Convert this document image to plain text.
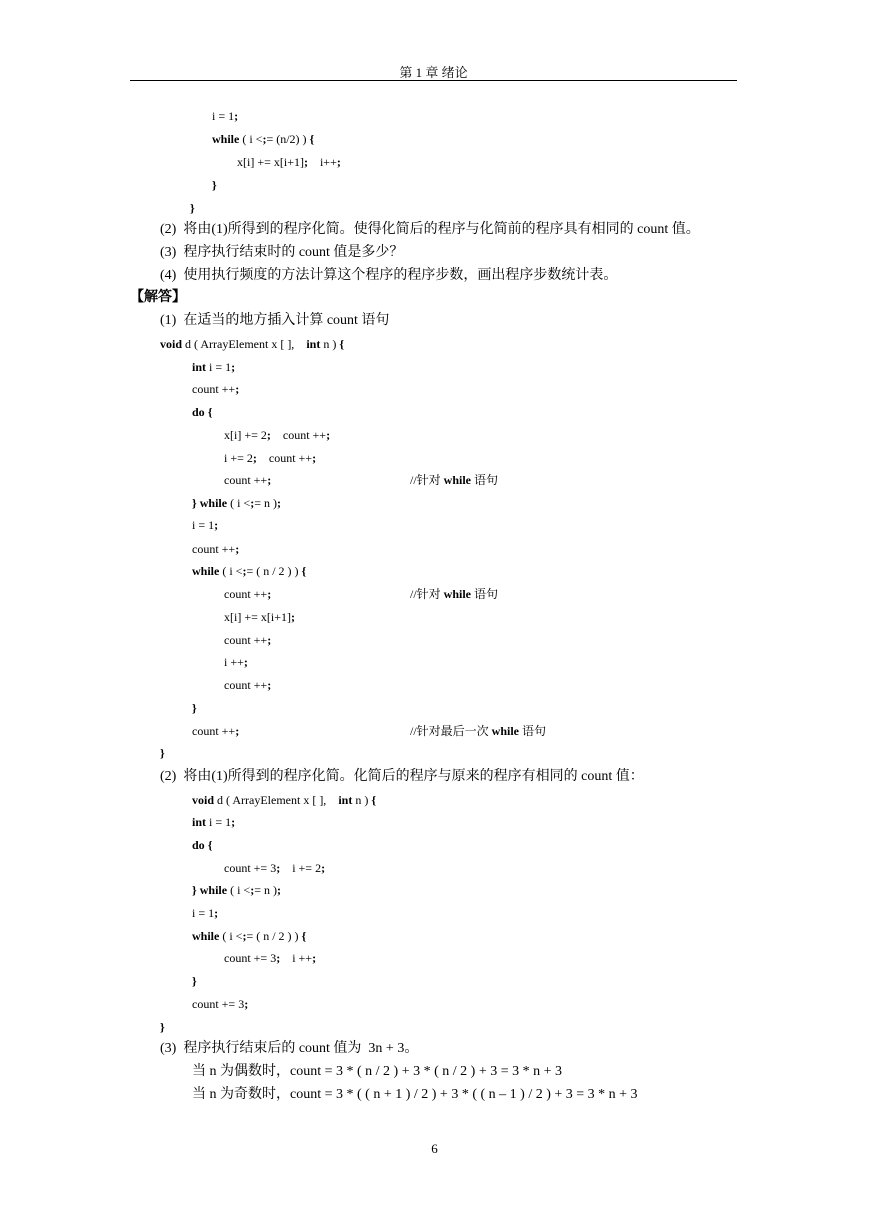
第 1 章 绪论
i = 1;
while ( i <;= (n/2) ) {
x[i] += x[i+1];    i++;
}
}
(2)  将由(1)所得到的程序化简。使得化简后的程序与化简前的程序具有相同的 count 值。
(3)  程序执行结束时的 count 值是多少？
(4)  使用执行频度的方法计算这个程序的程序步数，画出程序步数统计表。
【解答】
(1)  在适当的地方插入计算 count 语句
void d ( ArrayElement x [ ],    int n ) {
int i = 1;
count ++;
do {
x[i] += 2;    count ++;
i += 2;    count ++;
count ++;	//针对 while 语句
} while ( i <;= n );
i = 1;
count ++;
while ( i <;= ( n / 2 ) ) {
count ++;	//针对 while 语句
x[i] += x[i+1];
count ++;
i ++;
count ++;
}
count ++;	//针对最后一次 while 语句
}
(2)  将由(1)所得到的程序化简。化简后的程序与原来的程序有相同的 count 值：
void d ( ArrayElement x [ ],    int n ) {
int i = 1;
do {
count += 3;    i += 2;
} while ( i <;= n );
i = 1;
while ( i <;= ( n / 2 ) ) {
count += 3;    i ++;
}
count += 3;
}
(3)  程序执行结束后的 count 值为  3n + 3。
当 n 为偶数时，count = 3 * ( n / 2 ) + 3 * ( n / 2 ) + 3 = 3 * n + 3
当 n 为奇数时，count = 3 * ( ( n + 1 ) / 2 ) + 3 * ( ( n – 1 ) / 2 ) + 3 = 3 * n + 3
6
